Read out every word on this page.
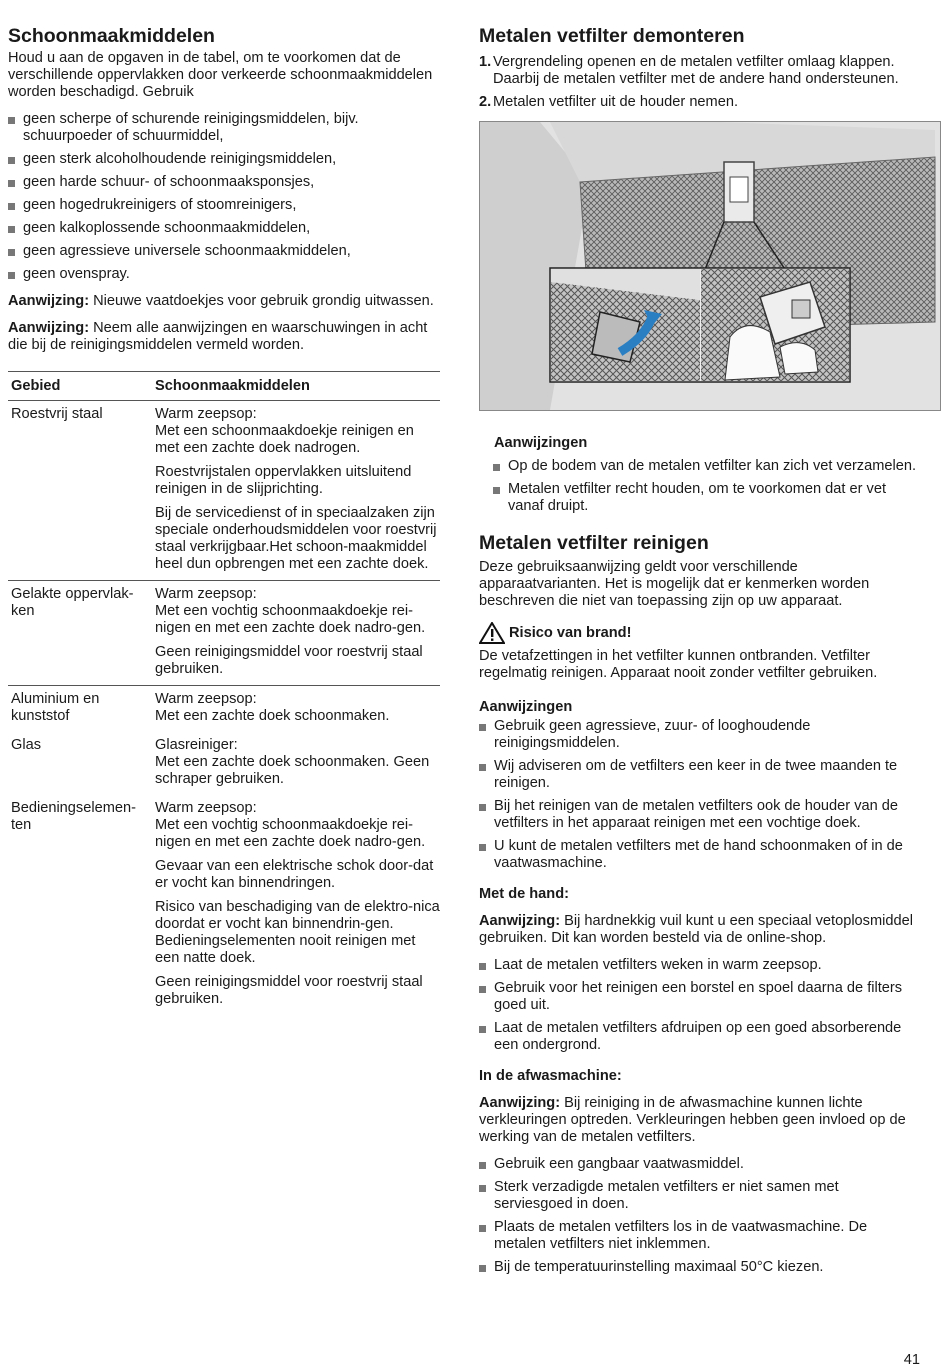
Schoonmaakmiddelen

Houd u aan de opgaven in de tabel, om te voorkomen dat de verschillende oppervlakken door verkeerde schoonmaakmiddelen worden beschadigd. Gebruik

geen scherpe of schurende reinigingsmiddelen, bijv. schuurpoeder of schuurmiddel,

geen sterk alcoholhoudende reinigingsmiddelen,

geen harde schuur- of schoonmaaksponsjes,

geen hogedrukreinigers of stoomreinigers,

geen kalkoplossende schoonmaakmiddelen,

geen agressieve universele schoonmaakmiddelen,

geen ovenspray.

Aanwijzing: Nieuwe vaatdoekjes voor gebruik grondig uitwassen.

Aanwijzing: Neem alle aanwijzingen en waarschuwingen in acht die bij de reinigingsmiddelen vermeld worden.

Gebied	Schoonmaakmiddelen
Roestvrij staal	Warm zeepsop:
Met een schoonmaakdoekje reinigen en met een zachte doek nadrogen.

Roestvrijstalen oppervlakken uitsluitend reinigen in de slijprichting.

Bij de servicedienst of in speciaalzaken zijn speciale onderhoudsmiddelen voor roestvrij staal verkrijgbaar.Het schoon-maakmiddel heel dun opbrengen met een zachte doek.

Gelakte oppervlak-ken	Warm zeepsop:
Met een vochtig schoonmaakdoekje rei-nigen en met een zachte doek nadro-gen.

Geen reinigingsmiddel voor roestvrij staal gebruiken.

Aluminium en kunststof	Warm zeepsop:
Met een zachte doek schoonmaken.

Glas	Glasreiniger:
Met een zachte doek schoonmaken. Geen schraper gebruiken.

Bedieningselemen-ten	Warm zeepsop:
Met een vochtig schoonmaakdoekje rei-nigen en met een zachte doek nadro-gen.

Gevaar van een elektrische schok door-dat er vocht kan binnendringen.

Risico van beschadiging van de elektro-nica doordat er vocht kan binnendrin-gen. Bedieningselementen nooit reinigen met een natte doek.

Geen reinigingsmiddel voor roestvrij staal gebruiken.

Metalen vetfilter demonteren

1. Vergrendeling openen en de metalen vetfilter omlaag klappen. Daarbij de metalen vetfilter met de andere hand ondersteunen.

2. Metalen vetfilter uit de houder nemen.

Aanwijzingen

Op de bodem van de metalen vetfilter kan zich vet verzamelen.

Metalen vetfilter recht houden, om te voorkomen dat er vet vanaf druipt.

Metalen vetfilter reinigen

Deze gebruiksaanwijzing geldt voor verschillende apparaatvarianten. Het is mogelijk dat er kenmerken worden beschreven die niet van toepassing zijn op uw apparaat.

Risico van brand!

De vetafzettingen in het vetfilter kunnen ontbranden. Vetfilter regelmatig reinigen. Apparaat nooit zonder vetfilter gebruiken.

Aanwijzingen

Gebruik geen agressieve, zuur- of looghoudende reinigingsmiddelen.

Wij adviseren om de vetfilters een keer in de twee maanden te reinigen.

Bij het reinigen van de metalen vetfilters ook de houder van de vetfilters in het apparaat reinigen met een vochtige doek.

U kunt de metalen vetfilters met de hand schoonmaken of in de vaatwasmachine.

Met de hand:

Aanwijzing: Bij hardnekkig vuil kunt u een speciaal vetoplosmiddel gebruiken. Dit kan worden besteld via de online-shop.

Laat de metalen vetfilters weken in warm zeepsop.

Gebruik voor het reinigen een borstel en spoel daarna de filters goed uit.

Laat de metalen vetfilters afdruipen op een goed absorberende een ondergrond.

In de afwasmachine:

Aanwijzing: Bij reiniging in de afwasmachine kunnen lichte verkleuringen optreden. Verkleuringen hebben geen invloed op de werking van de metalen vetfilters.

Gebruik een gangbaar vaatwasmiddel.

Sterk verzadigde metalen vetfilters er niet samen met serviesgoed in doen.

Plaats de metalen vetfilters los in de vaatwasmachine. De metalen vetfilters niet inklemmen.

Bij de temperatuurinstelling maximaal 50°C kiezen.

41
